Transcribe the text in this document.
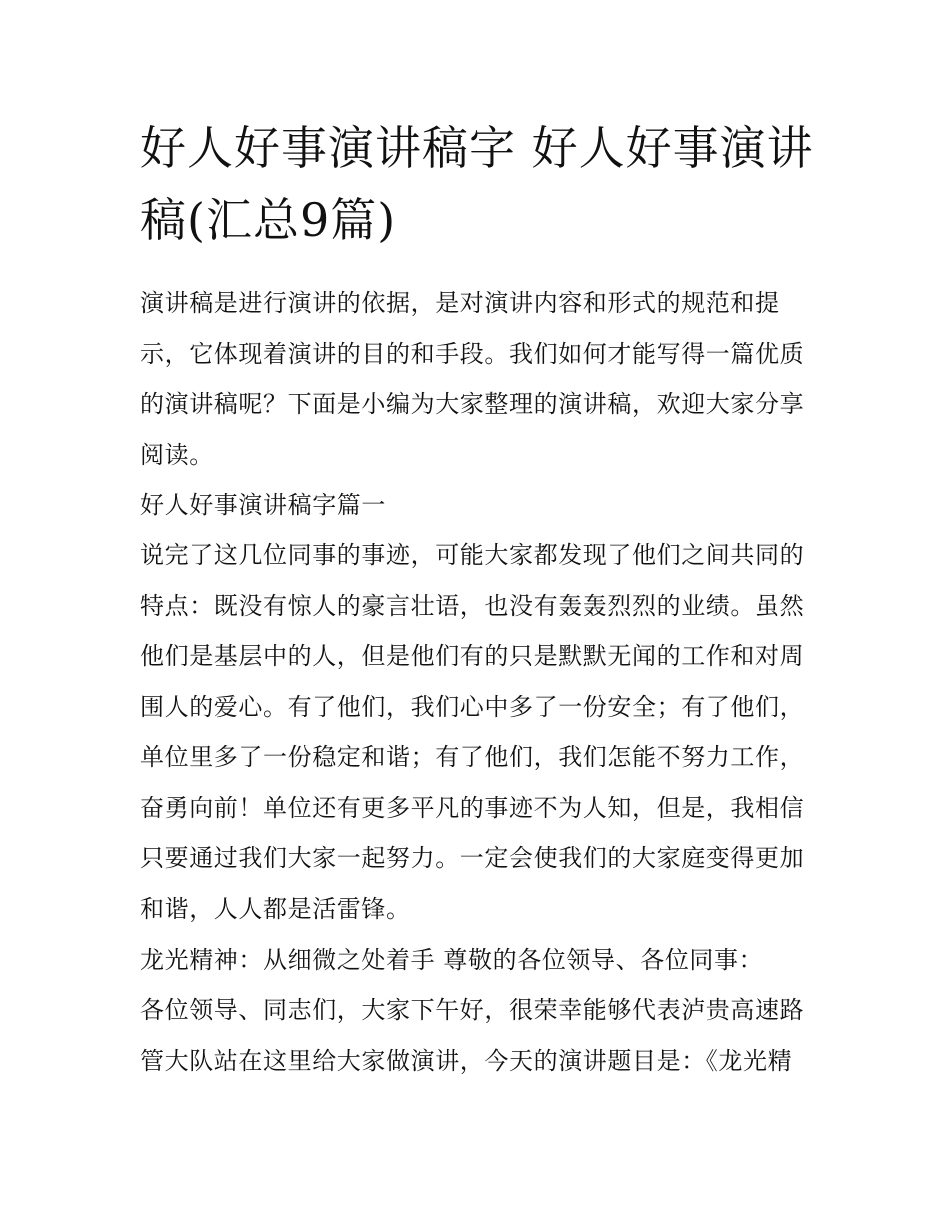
好人好事演讲稿字 好人好事演讲稿(汇总9篇)

演讲稿是进行演讲的依据，是对演讲内容和形式的规范和提示，它体现着演讲的目的和手段。我们如何才能写得一篇优质的演讲稿呢？下面是小编为大家整理的演讲稿，欢迎大家分享阅读。

好人好事演讲稿字篇一

说完了这几位同事的事迹，可能大家都发现了他们之间共同的特点：既没有惊人的豪言壮语，也没有轰轰烈烈的业绩。虽然他们是基层中的人，但是他们有的只是默默无闻的工作和对周围人的爱心。有了他们，我们心中多了一份安全；有了他们，单位里多了一份稳定和谐；有了他们，我们怎能不努力工作，奋勇向前！单位还有更多平凡的事迹不为人知，但是，我相信只要通过我们大家一起努力。一定会使我们的大家庭变得更加和谐，人人都是活雷锋。

龙光精神：从细微之处着手 尊敬的各位领导、各位同事：

各位领导、同志们，大家下午好，很荣幸能够代表泸贵高速路管大队站在这里给大家做演讲，今天的演讲题目是：《龙光精
